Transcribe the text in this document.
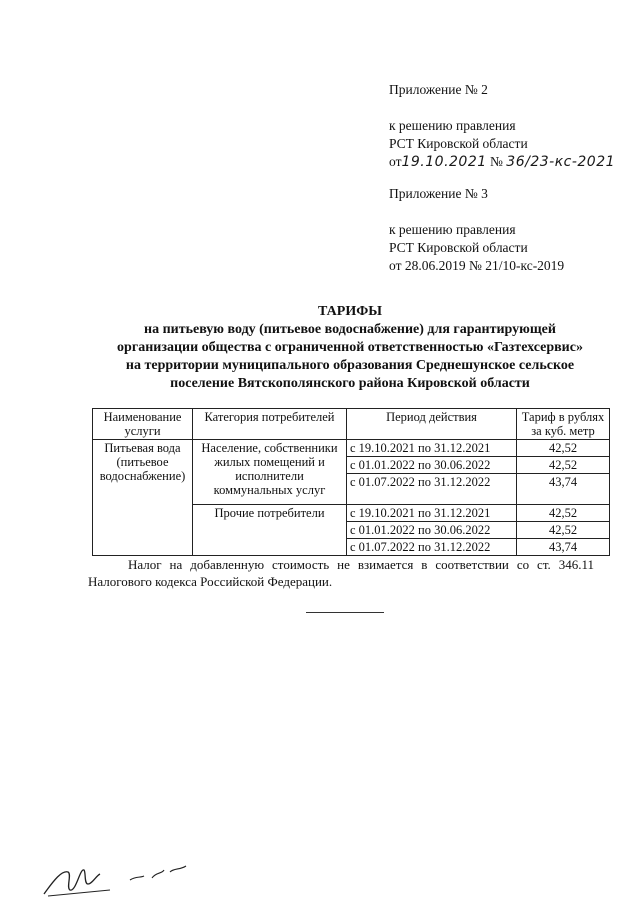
Приложение № 2
к решению правления
РСТ Кировской области
от19.10.2021 № 36/23-кс-2021
Приложение № 3
к решению правления
РСТ Кировской области
от 28.06.2019 № 21/10-кс-2019
ТАРИФЫ
на питьевую воду (питьевое водоснабжение) для гарантирующей
организации общества с ограниченной ответственностью «Газтехсервис»
на территории муниципального образования Среднешунское сельское
поселение Вятскополянского района Кировской области
Наименование услуги	Категория потребителей	Период действия	Тариф в рублях за куб. метр
Питьевая вода (питьевое водоснабжение)	Население, собственники жилых помещений и исполнители коммунальных услуг	с 19.10.2021 по 31.12.2021	42,52
		с 01.01.2022 по 30.06.2022	42,52
		с 01.07.2022 по 31.12.2022	43,74
	Прочие потребители	с 19.10.2021 по 31.12.2021	42,52
		с 01.01.2022 по 30.06.2022	42,52
		с 01.07.2022 по 31.12.2022	43,74
Налог на добавленную стоимость не взимается в соответствии со ст. 346.11 Налогового кодекса Российской Федерации.
